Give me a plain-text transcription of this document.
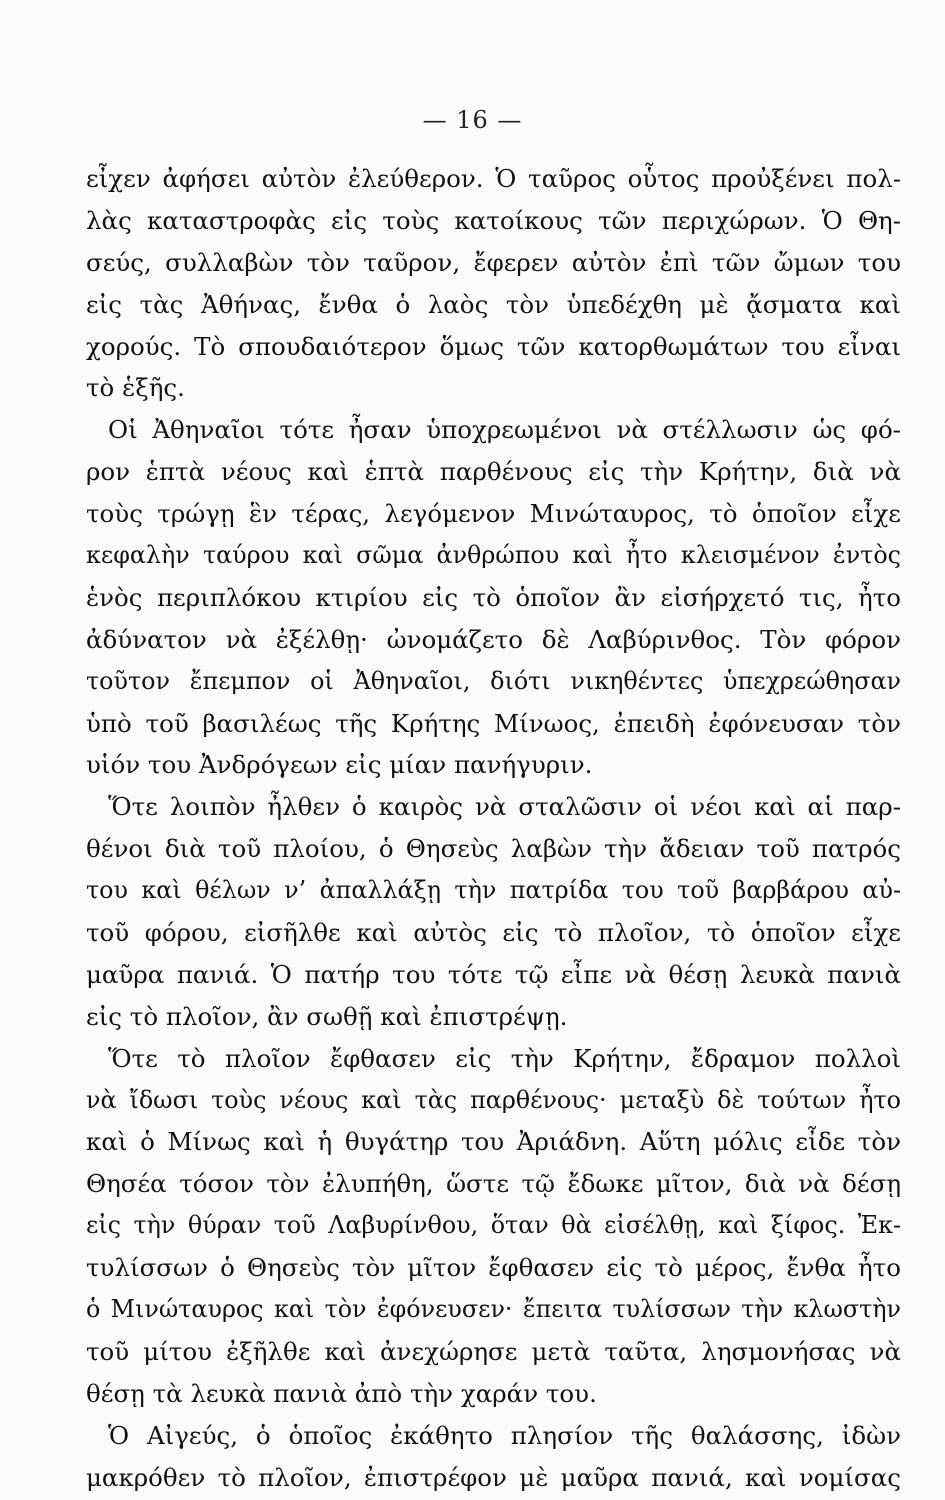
— 16 —
εἶχεν ἀφήσει αὐτὸν ἐλεύθερον. Ὁ ταῦρος οὗτος προὐξένει πολ-
λὰς καταστροφὰς εἰς τοὺς κατοίκους τῶν περιχώρων. Ὁ Θη-
σεύς, συλλαβὼν τὸν ταῦρον, ἔφερεν αὐτὸν ἐπὶ τῶν ὤμων του
εἰς τὰς Ἀθήνας, ἔνθα ὁ λαὸς τὸν ὑπεδέχθη μὲ ᾄσματα καὶ
χορούς. Τὸ σπουδαιότερον ὅμως τῶν κατορθωμάτων του εἶναι
τὸ ἑξῆς.
Οἱ Ἀθηναῖοι τότε ἦσαν ὑποχρεωμένοι νὰ στέλλωσιν ὡς φό-
ρον ἑπτὰ νέους καὶ ἑπτὰ παρθένους εἰς τὴν Κρήτην, διὰ νὰ
τοὺς τρώγῃ ἓν τέρας, λεγόμενον Μινώταυρος, τὸ ὁποῖον εἶχε
κεφαλὴν ταύρου καὶ σῶμα ἀνθρώπου καὶ ἦτο κλεισμένον ἐντὸς
ἑνὸς περιπλόκου κτιρίου εἰς τὸ ὁποῖον ἂν εἰσήρχετό τις, ἦτο
ἀδύνατον νὰ ἐξέλθῃ· ὠνομάζετο δὲ Λαβύρινθος. Τὸν φόρον
τοῦτον ἔπεμπον οἱ Ἀθηναῖοι, διότι νικηθέντες ὑπεχρεώθησαν
ὑπὸ τοῦ βασιλέως τῆς Κρήτης Μίνωος, ἐπειδὴ ἐφόνευσαν τὸν
υἱόν του Ἀνδρόγεων εἰς μίαν πανήγυριν.
Ὅτε λοιπὸν ἦλθεν ὁ καιρὸς νὰ σταλῶσιν οἱ νέοι καὶ αἱ παρ-
θένοι διὰ τοῦ πλοίου, ὁ Θησεὺς λαβὼν τὴν ἄδειαν τοῦ πατρός
του καὶ θέλων ν’ ἀπαλλάξῃ τὴν πατρίδα του τοῦ βαρβάρου αὐ-
τοῦ φόρου, εἰσῆλθε καὶ αὐτὸς εἰς τὸ πλοῖον, τὸ ὁποῖον εἶχε
μαῦρα πανιά. Ὁ πατήρ του τότε τῷ εἶπε νὰ θέσῃ λευκὰ πανιὰ
εἰς τὸ πλοῖον, ἂν σωθῇ καὶ ἐπιστρέψῃ.
Ὅτε τὸ πλοῖον ἔφθασεν εἰς τὴν Κρήτην, ἔδραμον πολλοὶ
νὰ ἴδωσι τοὺς νέους καὶ τὰς παρθένους· μεταξὺ δὲ τούτων ἦτο
καὶ ὁ Μίνως καὶ ἡ θυγάτηρ του Ἀριάδνη. Αὕτη μόλις εἶδε τὸν
Θησέα τόσον τὸν ἐλυπήθη, ὥστε τῷ ἔδωκε μῖτον, διὰ νὰ δέσῃ
εἰς τὴν θύραν τοῦ Λαβυρίνθου, ὅταν θὰ εἰσέλθῃ, καὶ ξίφος. Ἐκ-
τυλίσσων ὁ Θησεὺς τὸν μῖτον ἔφθασεν εἰς τὸ μέρος, ἔνθα ἦτο
ὁ Μινώταυρος καὶ τὸν ἐφόνευσεν· ἔπειτα τυλίσσων τὴν κλωστὴν
τοῦ μίτου ἐξῆλθε καὶ ἀνεχώρησε μετὰ ταῦτα, λησμονήσας νὰ
θέσῃ τὰ λευκὰ πανιὰ ἀπὸ τὴν χαράν του.
Ὁ Αἰγεύς, ὁ ὁποῖος ἐκάθητο πλησίον τῆς θαλάσσης, ἰδὼν
μακρόθεν τὸ πλοῖον, ἐπιστρέφον μὲ μαῦρα πανιά, καὶ νομίσας
